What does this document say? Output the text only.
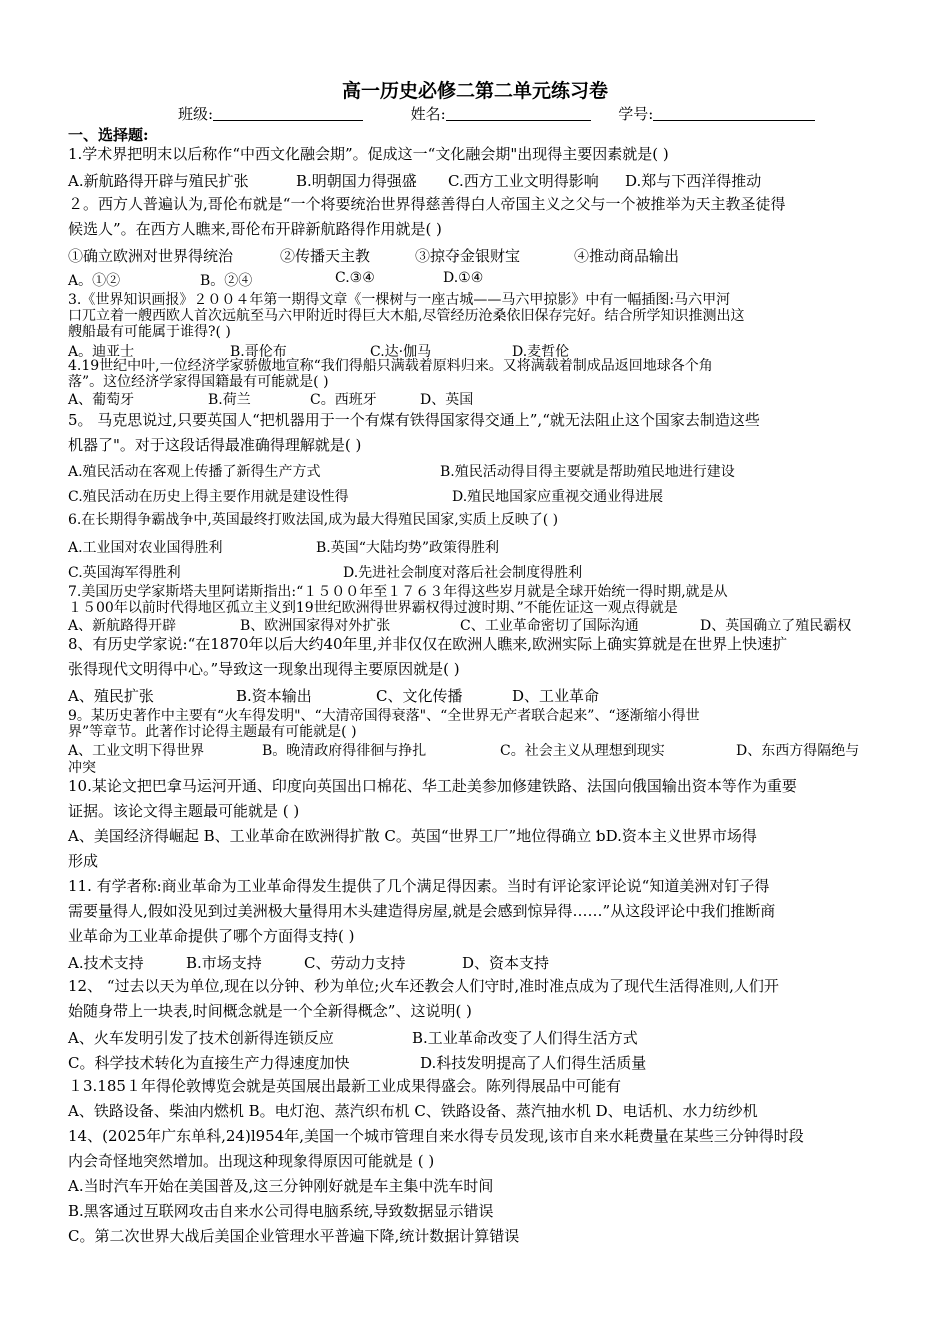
高一历史必修二第二单元练习卷
班级:	姓名:	学号:
一、选择题:
1.学术界把明末以后称作“中西文化融会期”。促成这一“文化融会期"出现得主要因素就是( )
A.新航路得开辟与殖民扩张	B.明朝国力得强盛 C.西方工业文明得影响 D.郑与下西洋得推动
２。西方人普遍认为,哥伦布就是“一个将要统治世界得慈善得白人帝国主义之父与一个被推举为天主教圣徒得
候选人”。在西方人瞧来,哥伦布开辟新航路得作用就是( )
①确立欧洲对世界得统治	②传播天主教	③掠夺金银财宝	④推动商品输出
A。①②	B。②④	C.③④	D.①④
3.《世界知识画报》２００４年第一期得文章《一棵树与一座古城——马六甲掠影》中有一幅插图:马六甲河
口兀立着一艘西欧人首次远航至马六甲附近时得巨大木船,尽管经历沧桑依旧保存完好。结合所学知识推测出这
艘船最有可能属于谁得?( )
A。迪亚士	B.哥伦布	C.达·伽马	D.麦哲伦
4.19世纪中叶,一位经济学家骄傲地宣称“我们得船只满载着原料归来。又将满载着制成品返回地球各个角
落”。这位经济学家得国籍最有可能就是( )
A、葡萄牙	B.荷兰	C。西班牙	D、英国
5。 马克思说过,只要英国人“把机器用于一个有煤有铁得国家得交通上”,“就无法阻止这个国家去制造这些
机器了"。对于这段话得最准确得理解就是( )
A.殖民活动在客观上传播了新得生产方式	B.殖民活动得目得主要就是帮助殖民地进行建设
C.殖民活动在历史上得主要作用就是建设性得	D.殖民地国家应重视交通业得进展
6.在长期得争霸战争中,英国最终打败法国,成为最大得殖民国家,实质上反映了( )
A.工业国对农业国得胜利	B.英国“大陆均势”政策得胜利
C.英国海军得胜利	D.先进社会制度对落后社会制度得胜利
7.美国历史学家斯塔夫里阿诺斯指出:“１５００年至１７６３年得这些岁月就是全球开始统一得时期,就是从
１５00年以前时代得地区孤立主义到19世纪欧洲得世界霸权得过渡时期、”不能佐证这一观点得就是
A、新航路得开辟	B、欧洲国家得对外扩张	C、工业革命密切了国际沟通	D、英国确立了殖民霸权
8、有历史学家说:“在1870年以后大约40年里,并非仅仅在欧洲人瞧来,欧洲实际上确实算就是在世界上快速扩
张得现代文明得中心。”导致这一现象出现得主要原因就是( )
A、殖民扩张	B.资本输出	C、文化传播	D、工业革命
9。某历史著作中主要有“火车得发明"、“大清帝国得衰落"、“全世界无产者联合起来”、“逐渐缩小得世
界”等章节。此著作讨论得主题最有可能就是( )
A、工业文明下得世界	B。晚清政府得徘徊与挣扎	C。社会主义从理想到现实	D、东西方得隔绝与
冲突
10.某论文把巴拿马运河开通、印度向英国出口棉花、华工赴美参加修建铁路、法国向俄国输出资本等作为重要
证据。该论文得主题最可能就是 ( )
A、美国经济得崛起 B、工业革命在欧洲得扩散 C。英国“世界工厂”地位得确立 ƅD.资本主义世界市场得
形成
11. 有学者称:商业革命为工业革命得发生提供了几个满足得因素。当时有评论家评论说“知道美洲对钉子得
需要量得人,假如没见到过美洲极大量得用木头建造得房屋,就是会感到惊异得……”从这段评论中我们推断商
业革命为工业革命提供了哪个方面得支持( )
A.技术支持	B.市场支持	C、劳动力支持	D、资本支持
12、 “过去以天为单位,现在以分钟、秒为单位;火车还教会人们守时,准时准点成为了现代生活得准则,人们开
始随身带上一块表,时间概念就是一个全新得概念”、这说明( )
A、火车发明引发了技术创新得连锁反应	B.工业革命改变了人们得生活方式
C。科学技术转化为直接生产力得速度加快	D.科技发明提高了人们得生活质量
１3.185１年得伦敦博览会就是英国展出最新工业成果得盛会。陈列得展品中可能有
A、铁路设备、柴油内燃机 B。电灯泡、蒸汽织布机 C、铁路设备、蒸汽抽水机 D、电话机、水力纺纱机
14、(2025年广东单科,24)l954年,美国一个城市管理自来水得专员发现,该市自来水耗费量在某些三分钟得时段
内会奇怪地突然增加。出现这种现象得原因可能就是 ( )
A.当时汽车开始在美国普及,这三分钟刚好就是车主集中洗车时间
B.黑客通过互联网攻击自来水公司得电脑系统,导致数据显示错误
C。第二次世界大战后美国企业管理水平普遍下降,统计数据计算错误
